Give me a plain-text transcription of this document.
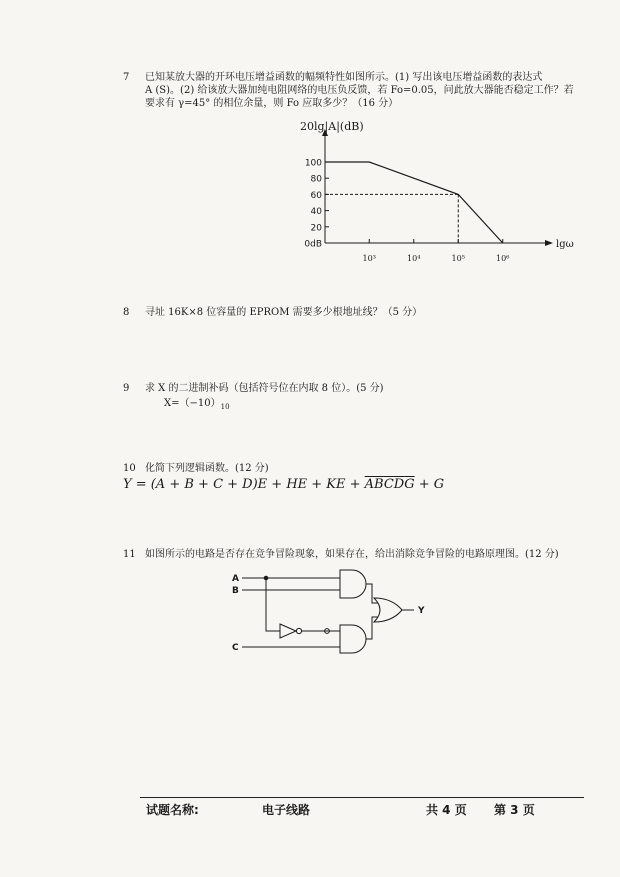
7 已知某放大器的开环电压增益函数的幅频特性如图所示。(1) 写出该电压增益函数的表达式
A (S)。(2) 给该放大器加纯电阻网络的电压负反馈，若 Fo=0.05，问此放大器能否稳定工作？若
要求有 γ=45° 的相位余量，则 Fo 应取多少？（16 分）
20lg|A|(dB)
lgω
100
80
60
40
20
0dB
10³	10⁴	10⁵	10⁶
8 寻址 16K×8 位容量的 EPROM 需要多少根地址线？（5 分）
9 求 X 的二进制补码（包括符号位在内取 8 位）。(5 分)
$X=(-10)_{10}$
10 化简下列逻辑函数。(12 分)
Y = (A + B + C + D)E + HE + KE + $\overline{A}\overline{B}\overline{C}\overline{D}\overline{G} + G$
11 如图所示的电路是否存在竞争冒险现象，如果存在，给出消除竞争冒险的电路原理图。(12 分)
A
B
C
Y
试题名称:	电子线路	共 4 页 第 3 页
